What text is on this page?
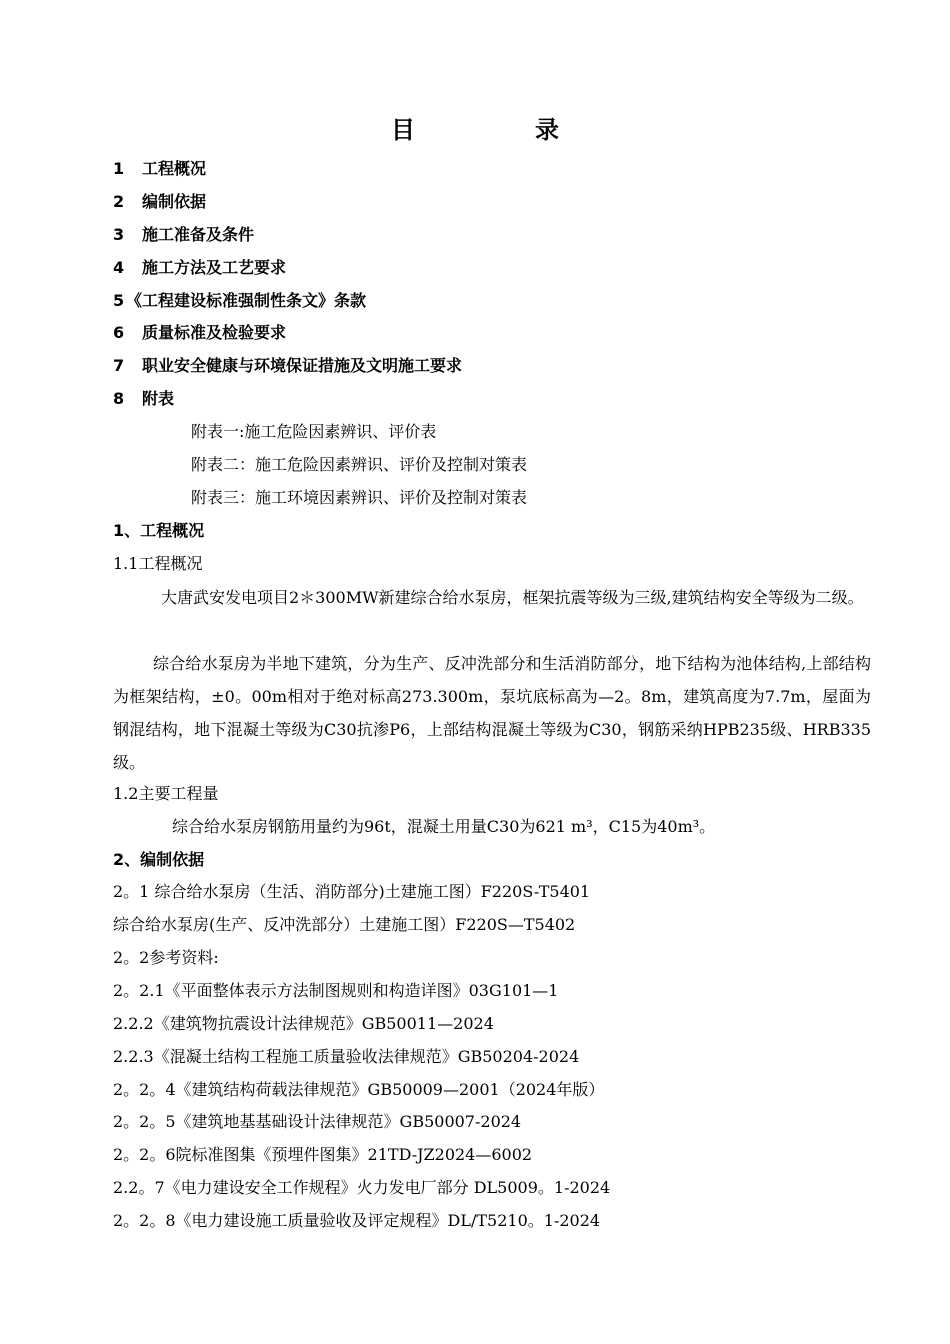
目	录
1 工程概况
2 编制依据
3 施工准备及条件
4 施工方法及工艺要求
5 《工程建设标准强制性条文》条款
6 质量标准及检验要求
7 职业安全健康与环境保证措施及文明施工要求
8 附表
附表一:施工危险因素辨识、评价表
附表二：施工危险因素辨识、评价及控制对策表
附表三：施工环境因素辨识、评价及控制对策表
1、工程概况
1.1工程概况
大唐武安发电项目2＊300MW新建综合给水泵房，框架抗震等级为三级,建筑结构安全等级为二级。
综合给水泵房为半地下建筑，分为生产、反冲洗部分和生活消防部分，地下结构为池体结构,上部结构为框架结构，±0。00m相对于绝对标高273.300m，泵坑底标高为—2。8m，建筑高度为7.7m，屋面为钢混结构，地下混凝土等级为C30抗渗P6，上部结构混凝土等级为C30，钢筋采纳HPB235级、HRB335级。
1.2主要工程量
综合给水泵房钢筋用量约为96t，混凝土用量C30为621 m³，C15为40m³。
2、编制依据
2。1 综合给水泵房（生活、消防部分)土建施工图）F220S-T5401
综合给水泵房(生产、反冲洗部分）土建施工图）F220S—T5402
2。2参考资料:
2。2.1《平面整体表示方法制图规则和构造详图》03G101—1
2.2.2《建筑物抗震设计法律规范》GB50011—2024
2.2.3《混凝土结构工程施工质量验收法律规范》GB50204-2024
2。2。4《建筑结构荷载法律规范》GB50009—2001（2024年版）
2。2。5《建筑地基基础设计法律规范》GB50007-2024
2。2。6院标准图集《预埋件图集》21TD-JZ2024—6002
2.2。7《电力建设安全工作规程》火力发电厂部分 DL5009。1-2024
2。2。8《电力建设施工质量验收及评定规程》DL/T5210。1-2024
